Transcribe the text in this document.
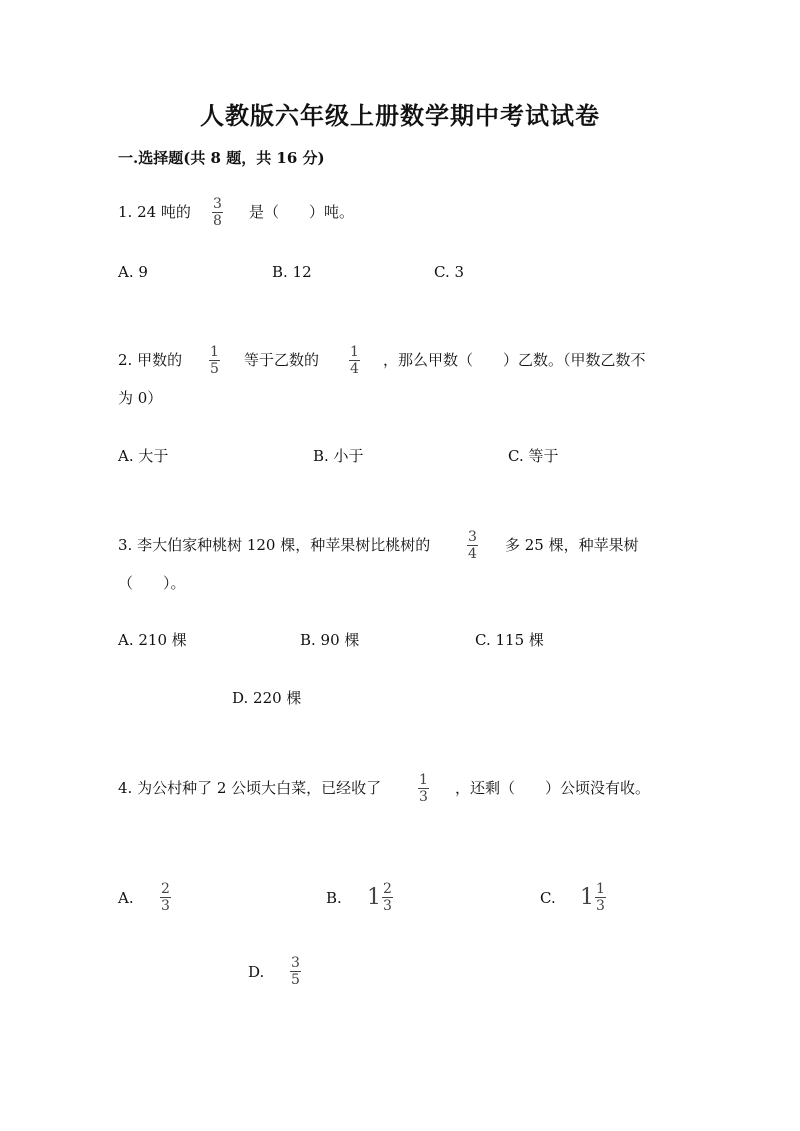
人教版六年级上册数学期中考试试卷
一.选择题(共 8 题，共 16 分)
1. 24 吨的 3
8 是（　　）吨。
A. 9	B. 12	C. 3
2. 甲数的 1
5 等于乙数的 1
4 ，那么甲数（　　）乙数。（甲数乙数不
为 0）
A. 大于	B. 小于	C. 等于
3. 李大伯家种桃树 120 棵，种苹果树比桃树的	3
4 多 25 棵，种苹果树
（　　）。
A. 210 棵	B. 90 棵	C. 115 棵
D. 220 棵
4. 为公村种了 2 公顷大白菜，已经收了	1
3 ，还剩（　　）公顷没有收。
A. 2
3	B. $1 \frac{2}{3}$	C. $1 \frac{1}{3}$
D. 3
5
